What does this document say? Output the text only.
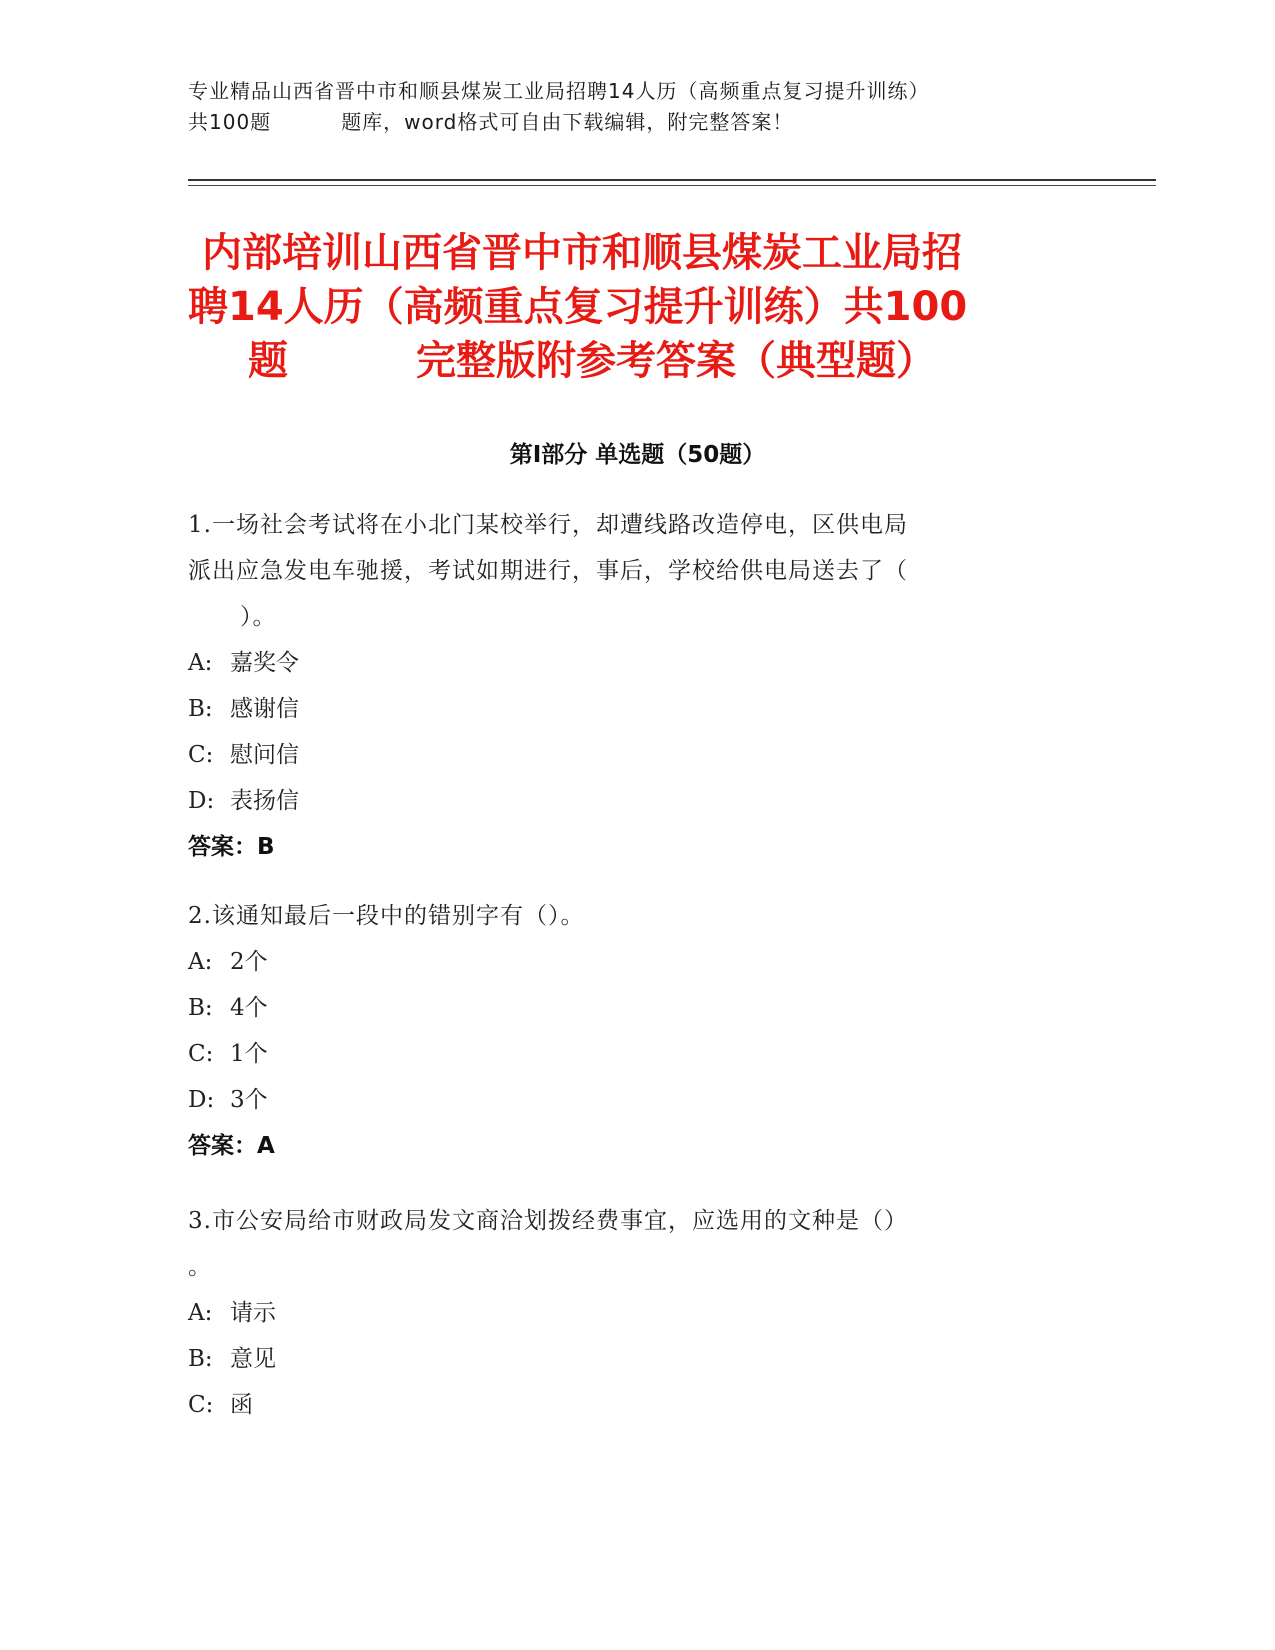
专业精品山西省晋中市和顺县煤炭工业局招聘14人历（高频重点复习提升训练）
共100题	题库，word格式可自由下载编辑，附完整答案！
内部培训山西省晋中市和顺县煤炭工业局招
聘14人历（高频重点复习提升训练）共100
题	完整版附参考答案（典型题）
第Ⅰ部分 单选题（50题）
1.一场社会考试将在小北门某校举行，却遭线路改造停电，区供电局
派出应急发电车驰援，考试如期进行，事后，学校给供电局送去了（
）。
A: 嘉奖令
B: 感谢信
C: 慰问信
D: 表扬信
答案：B
2.该通知最后一段中的错别字有（）。
A: 2个
B: 4个
C: 1个
D: 3个
答案：A
3.市公安局给市财政局发文商洽划拨经费事宜，应选用的文种是（）
。
A: 请示
B: 意见
C: 函
